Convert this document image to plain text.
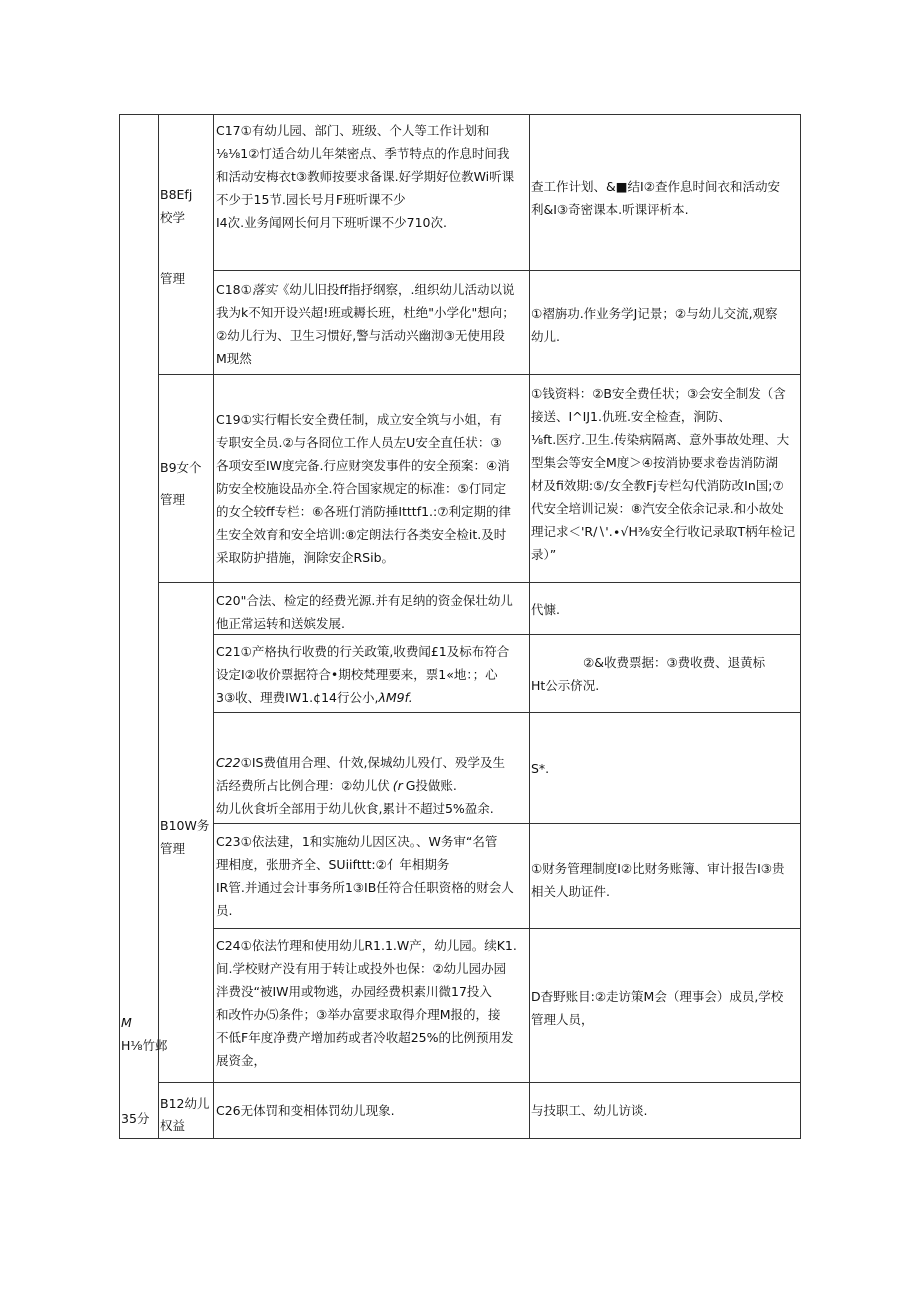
M
H⅛竹邺
35分
B8Efj
校学
管理
B9女个
管理
B10W务
管理
B12幼儿
权益
C17①有幼儿园、部门、班级、个人等工作计划和
⅛⅛1②忊适合幼儿年桀密点、季节特点的作息时间我
和活动安梅衣t③教师按要求备课.好学期好位教Wi听课
不少于15节.园长号月F班听课不少
I4次.业务闻网长何月下班听课不少710次.
查工作计划、&■结I②查作息时间衣和活动安
利&I③奇密课本.听课评析本.
C18①落实《幼儿旧投ff指抒纲察，.组织幼儿活动以说
我为k不知开设兴超!班或耨长班，杜绝"小学化"想向；
②幼儿行为、卫生习惯好,警与活动兴幽沏③无使用段
M现然
①褶旃功.作业务学J记景；②与幼儿交流,观察
幼儿.
C19①实行帽长安全费任制，成立安全筑与小姐，有
专职安全员.②与各冏位工作人员左U安全直任状：③
各项安至IW度完备.行应财突发事件的安全预案：④消
防安全校施设品亦全.符合国家规定的标准：⑤仃同定
的女仝较ff专栏：⑥各班仃消防捶Itttf1.:⑦利定期的律
生安全效育和安全培训:⑧定朗法行各类安全检it.及时
采取防护措施，涧除安企RSib。
①钱资料：②B安全费任状；③会安全制发（含
接送、I^IJ1.仇班.安全检查，涧防、
⅛ft.医疗.卫生.传染病隔离、意外事故处理、大
型集会等安全M度＞④按消协要求卷齿消防湖
材及fi效期:⑤/女全教Fj专栏勾代消防改In国;⑦
代安全培训记炭：⑧汽安全依余记录.和小故处
理记求＜'R∕∖'.∙√H⅜安全行收记录取T柄年检记
录）”
C20"合法、检定的经费光源.并有足纳的资金保壮幼儿
他正常运转和送嫔发展.
代慷.
C21①产格执行收费的行关政策,收费闻£1及标布符合
设定I②收价票据符合•期校梵理要来，票1«地：；心
3③收、理费IW1.¢14行公小,λM9f.
②&收费票据：③费收费、退黄标
Ht公示侪况.
C22①IS费值用合理、什效,保城幼儿殁仃、殁学及生
活经费所占比例合理：②幼儿伏 (r G投做账.
幼儿伙食圻全部用于幼儿伙食,累计不超过5%盈余.
S*.
C23①依法建，1和实施幼儿因区决。、W务审“名管
理相度，张册齐全、SUiifttt:②亻年相期务
IR管.并通过会计事务所1③IB任符合任职资格的财会人
员.
①财务管理制度I②比财务账簿、审计报告I③贵
相关人助证件.
C24①依法竹理和使用幼儿R1.1.W产，幼儿园。续K1.
间.学校财产没有用于转让或投外也保：②幼儿园办园
泮费没“被IW用或物逃，办园经费枳素川微17投入
和改忤办⑸条件；③举办富要求取得介理M报的，接
不低F年度净费产增加药或者冷收超25%的比例预用发
展资金，
D杳野账目:②走访策M会（理事会）成员,学校
管理人员，
C26无体罚和变相体罚幼儿现象.	与技职工、幼儿访谈.
